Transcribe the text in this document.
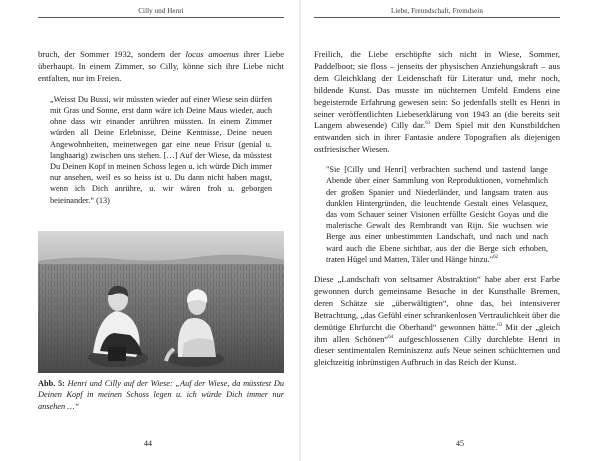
Cilly und Henri

bruch, der Sommer 1932, sondern der locus amoenus ihrer Liebe überhaupt. In einem Zimmer, so Cilly, könne sich ihre Liebe nicht entfalten, nur im Freien.

„Weisst Du Bussi, wir müssten wieder auf einer Wiese sein dürfen mit Gras und Sonne, erst dann wäre ich Deine Maus wieder, auch ohne dass wir einander anrühren müssten. In einem Zimmer würden all Deine Erlebnisse, Deine Kentnisse, Deine neuen Angewohnheiten, meinetwegen gar eine neue Frisur (genial u. langhaarig) zwischen uns stehen. […] Auf der Wiese, da müsstest Du Deinen Kopf in meinen Schoss legen u. ich würde Dich immer nur ansehen, weil es so heiss ist u. Du dann nicht haben magst, wenn ich Dich anrühre, u. wir wären froh u. geborgen beieinander.“ (13)

Abb. 5: Henri und Cilly auf der Wiese: „Auf der Wiese, da müsstest Du Deinen Kopf in meinen Schoss legen u. ich würde Dich immer nur ansehen …“
44
Liebe, Freundschaft, Fremdsein

Freilich, die Liebe erschöpfte sich nicht in Wiese, Sommer, Paddelboot; sie floss – jenseits der physischen Anziehungskraft – aus dem Gleichklang der Leidenschaft für Literatur und, mehr noch, bildende Kunst. Das musste im nüchternen Umfeld Emdens eine begeisternde Erfahrung gewesen sein: So jedenfalls stellt es Henri in seiner veröffentlichten Liebeserklärung von 1943 an (die bereits seit Langem abwesende) Cilly dar.$^{61}$ Dem Spiel mit den Kunstbildchen entwanden sich in ihrer Fantasie andere Topografien als diejenigen ostfriesischer Wiesen.

"Sie [Cilly und Henri] verbrachten suchend und tastend lange Abende über einer Sammlung von Reproduktionen, vornehmlich der großen Spanier und Niederländer, und langsam traten aus dunklen Hintergründen, die leuchtende Gestalt eines Velasquez, das vom Schauer seiner Visionen erfüllte Gesicht Goyas und die malerische Gewalt des Rembrandt van Rijn. Sie wuchsen wie Berge aus einer unbestimmten Landschaft, und nach und nach ward auch die Ebene sichtbar, aus der die Berge sich erhoben, traten Hügel und Matten, Täler und Hänge hinzu."$^{62}$

Diese „Landschaft von seltsamer Abstraktion“ habe aber erst Farbe gewonnen durch gemeinsame Besuche in der Kunsthalle Bremen, deren Schätze sie „überwältigten“, ohne das, bei intensiverer Betrachtung, „das Gefühl einer schrankenlosen Vertraulichkeit über die demütige Ehrfurcht die Oberhand“ gewonnen hätte.$^{63}$ Mit der „gleich ihm allen Schönen“$^{64}$ aufgeschlossenen Cilly durchlebte Henri in dieser sentimentalen Reminiszenz aufs Neue seinen schüchternen und gleichzeitig inbrünstigen Aufbruch in das Reich der Kunst.

45
